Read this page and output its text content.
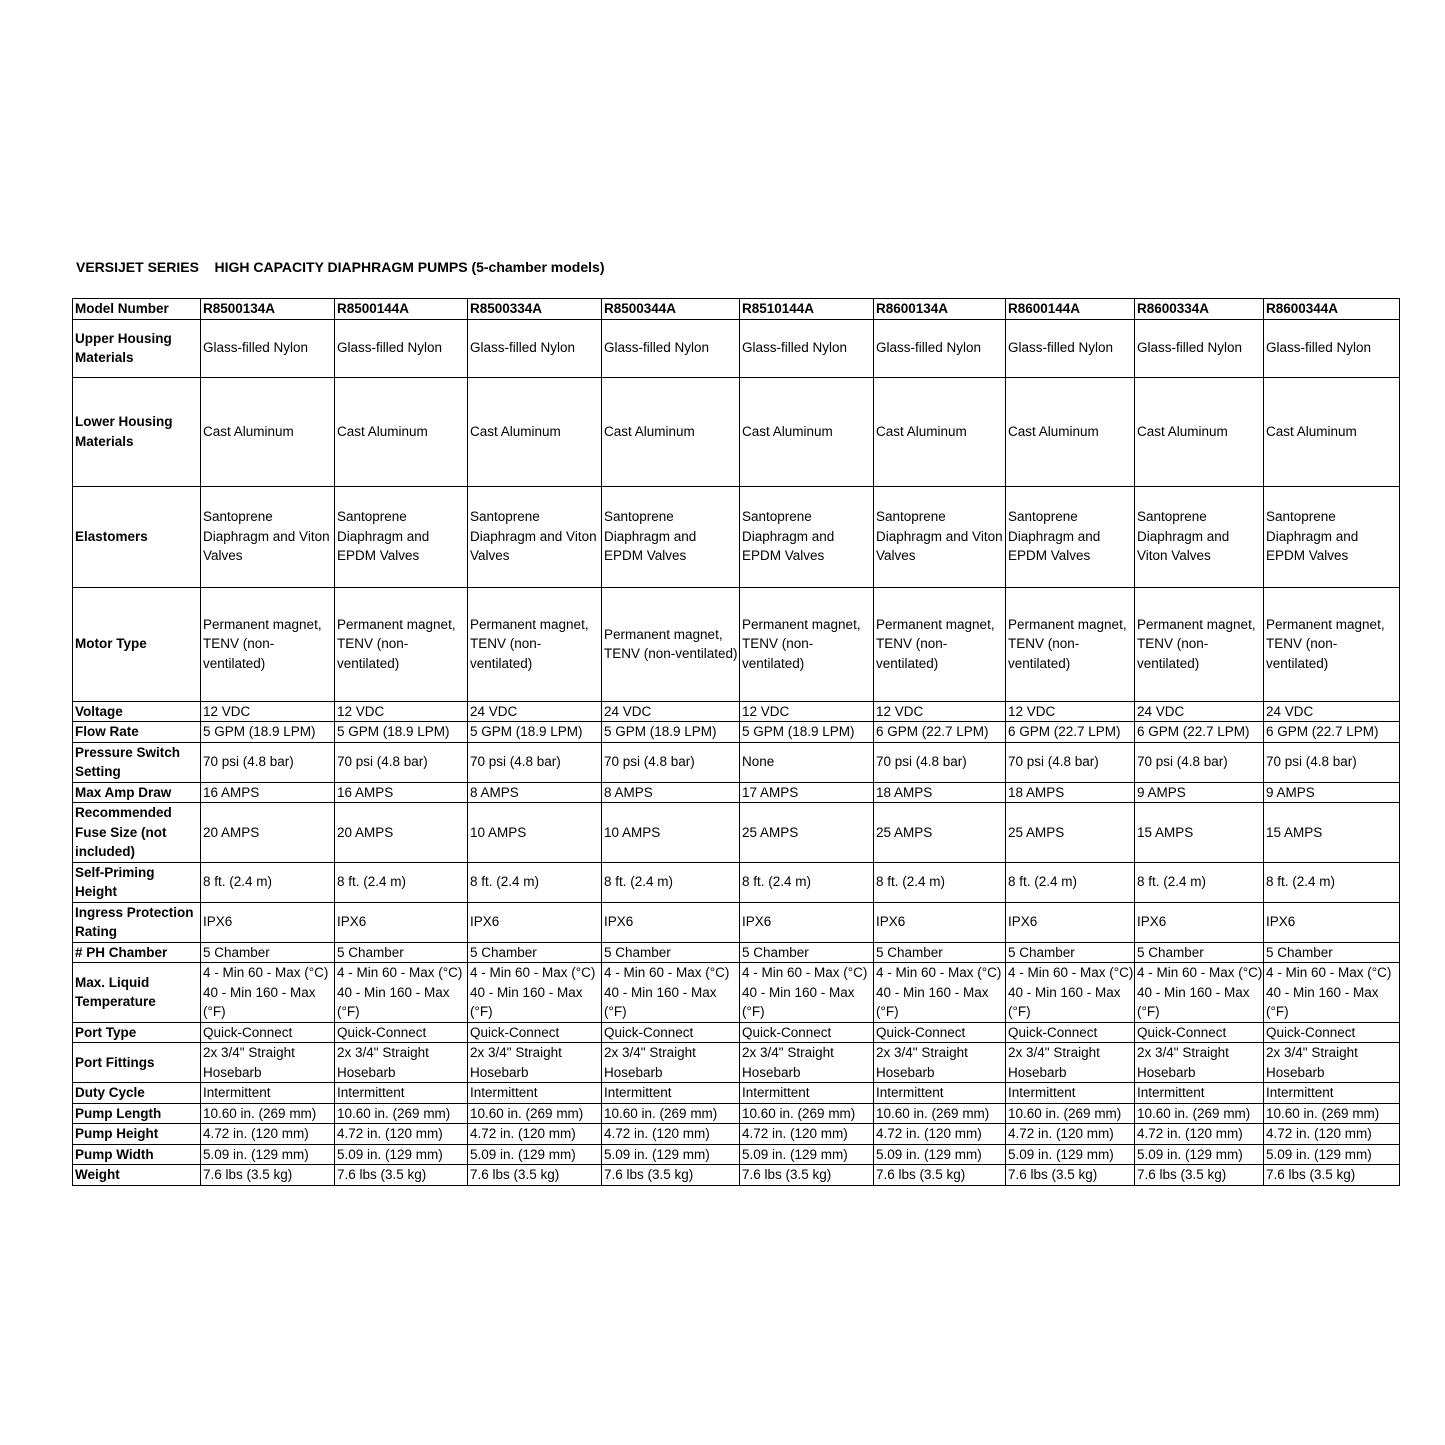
VERSIJET SERIES HIGH CAPACITY DIAPHRAGM PUMPS (5-chamber models)
Model Number	R8500134A	R8500144A	R8500334A	R8500344A	R8510144A	R8600134A	R8600144A	R8600334A	R8600344A
Upper Housing Materials	Glass-filled Nylon	Glass-filled Nylon	Glass-filled Nylon	Glass-filled Nylon	Glass-filled Nylon	Glass-filled Nylon	Glass-filled Nylon	Glass-filled Nylon	Glass-filled Nylon
Lower Housing Materials	Cast Aluminum	Cast Aluminum	Cast Aluminum	Cast Aluminum	Cast Aluminum	Cast Aluminum	Cast Aluminum	Cast Aluminum	Cast Aluminum
Elastomers	Santoprene Diaphragm and Viton Valves	Santoprene Diaphragm and EPDM Valves	Santoprene Diaphragm and Viton Valves	Santoprene Diaphragm and EPDM Valves	Santoprene Diaphragm and EPDM Valves	Santoprene Diaphragm and Viton Valves	Santoprene Diaphragm and EPDM Valves	Santoprene Diaphragm and Viton Valves	Santoprene Diaphragm and EPDM Valves
Motor Type	Permanent magnet, TENV (non-ventilated)	Permanent magnet, TENV (non-ventilated)	Permanent magnet, TENV (non-ventilated)	Permanent magnet, TENV (non-ventilated)	Permanent magnet, TENV (non-ventilated)	Permanent magnet, TENV (non-ventilated)	Permanent magnet, TENV (non-ventilated)	Permanent magnet, TENV (non-ventilated)	Permanent magnet, TENV (non-ventilated)
Voltage	12 VDC	12 VDC	24 VDC	24 VDC	12 VDC	12 VDC	12 VDC	24 VDC	24 VDC
Flow Rate	5 GPM (18.9 LPM)	5 GPM (18.9 LPM)	5 GPM (18.9 LPM)	5 GPM (18.9 LPM)	5 GPM (18.9 LPM)	6 GPM (22.7 LPM)	6 GPM (22.7 LPM)	6 GPM (22.7 LPM)	6 GPM (22.7 LPM)
Pressure Switch Setting	70 psi (4.8 bar)	70 psi (4.8 bar)	70 psi (4.8 bar)	70 psi (4.8 bar)	None	70 psi (4.8 bar)	70 psi (4.8 bar)	70 psi (4.8 bar)	70 psi (4.8 bar)
Max Amp Draw	16 AMPS	16 AMPS	8 AMPS	8 AMPS	17 AMPS	18 AMPS	18 AMPS	9 AMPS	9 AMPS
Recommended Fuse Size (not included)	20 AMPS	20 AMPS	10 AMPS	10 AMPS	25 AMPS	25 AMPS	25 AMPS	15 AMPS	15 AMPS
Self-Priming Height	8 ft. (2.4 m)	8 ft. (2.4 m)	8 ft. (2.4 m)	8 ft. (2.4 m)	8 ft. (2.4 m)	8 ft. (2.4 m)	8 ft. (2.4 m)	8 ft. (2.4 m)	8 ft. (2.4 m)
Ingress Protection Rating	IPX6	IPX6	IPX6	IPX6	IPX6	IPX6	IPX6	IPX6	IPX6
# PH Chamber	5 Chamber	5 Chamber	5 Chamber	5 Chamber	5 Chamber	5 Chamber	5 Chamber	5 Chamber	5 Chamber
Max. Liquid Temperature	4 - Min 60 - Max (°C) 40 - Min 160 - Max (°F)	4 - Min 60 - Max (°C) 40 - Min 160 - Max (°F)	4 - Min 60 - Max (°C) 40 - Min 160 - Max (°F)	4 - Min 60 - Max (°C) 40 - Min 160 - Max (°F)	4 - Min 60 - Max (°C) 40 - Min 160 - Max (°F)	4 - Min 60 - Max (°C) 40 - Min 160 - Max (°F)	4 - Min 60 - Max (°C) 40 - Min 160 - Max (°F)	4 - Min 60 - Max (°C) 40 - Min 160 - Max (°F)	4 - Min 60 - Max (°C) 40 - Min 160 - Max (°F)
Port Type	Quick-Connect	Quick-Connect	Quick-Connect	Quick-Connect	Quick-Connect	Quick-Connect	Quick-Connect	Quick-Connect	Quick-Connect
Port Fittings	2x 3/4" Straight Hosebarb	2x 3/4" Straight Hosebarb	2x 3/4" Straight Hosebarb	2x 3/4" Straight Hosebarb	2x 3/4" Straight Hosebarb	2x 3/4" Straight Hosebarb	2x 3/4" Straight Hosebarb	2x 3/4" Straight Hosebarb	2x 3/4" Straight Hosebarb
Duty Cycle	Intermittent	Intermittent	Intermittent	Intermittent	Intermittent	Intermittent	Intermittent	Intermittent	Intermittent
Pump Length	10.60 in. (269 mm)	10.60 in. (269 mm)	10.60 in. (269 mm)	10.60 in. (269 mm)	10.60 in. (269 mm)	10.60 in. (269 mm)	10.60 in. (269 mm)	10.60 in. (269 mm)	10.60 in. (269 mm)
Pump Height	4.72 in. (120 mm)	4.72 in. (120 mm)	4.72 in. (120 mm)	4.72 in. (120 mm)	4.72 in. (120 mm)	4.72 in. (120 mm)	4.72 in. (120 mm)	4.72 in. (120 mm)	4.72 in. (120 mm)
Pump Width	5.09 in. (129 mm)	5.09 in. (129 mm)	5.09 in. (129 mm)	5.09 in. (129 mm)	5.09 in. (129 mm)	5.09 in. (129 mm)	5.09 in. (129 mm)	5.09 in. (129 mm)	5.09 in. (129 mm)
Weight	7.6 lbs (3.5 kg)	7.6 lbs (3.5 kg)	7.6 lbs (3.5 kg)	7.6 lbs (3.5 kg)	7.6 lbs (3.5 kg)	7.6 lbs (3.5 kg)	7.6 lbs (3.5 kg)	7.6 lbs (3.5 kg)	7.6 lbs (3.5 kg)
